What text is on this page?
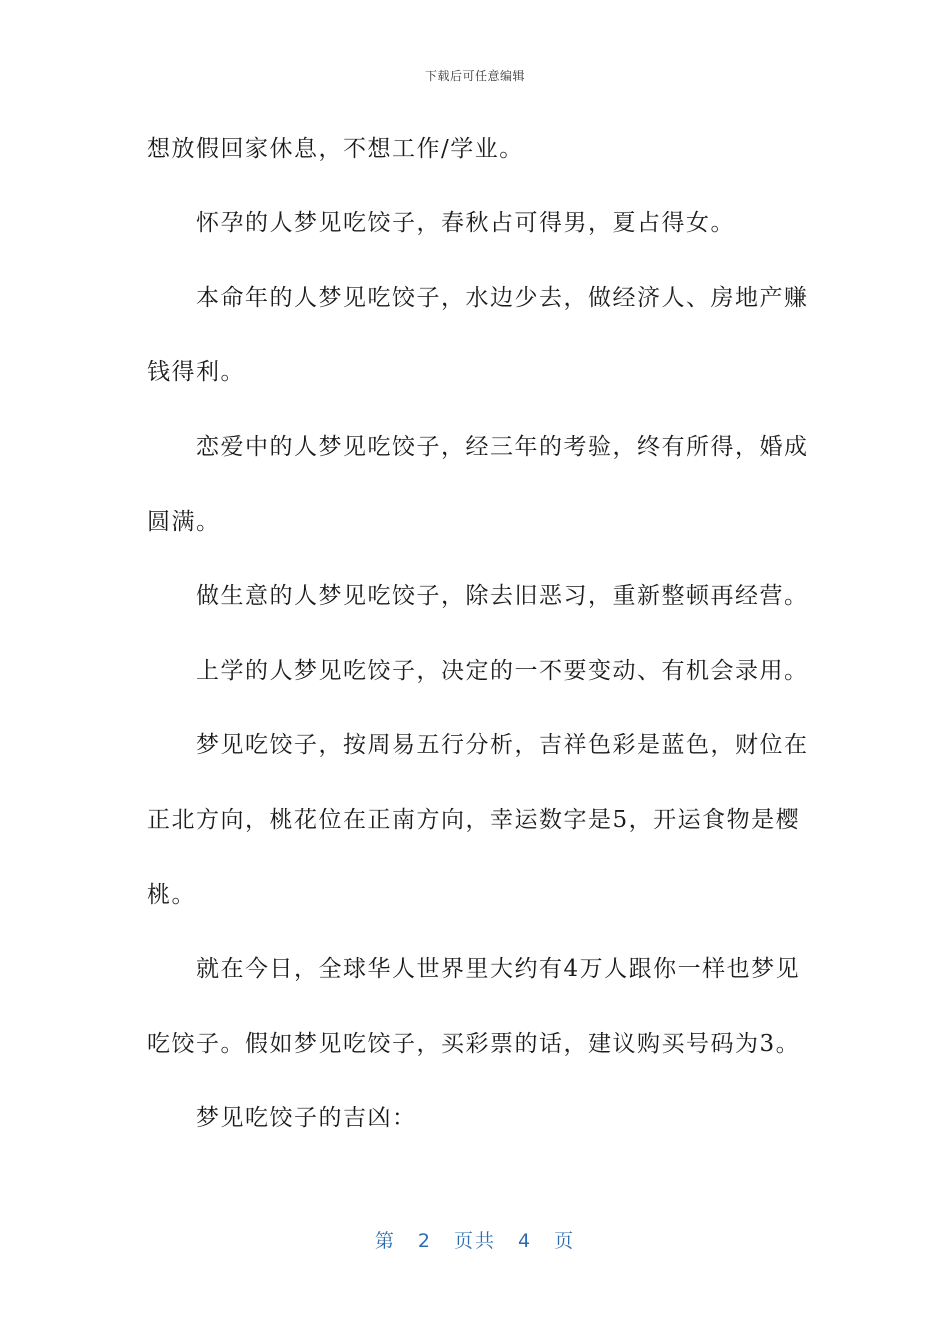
下载后可任意编辑

想放假回家休息，不想工作/学业。

　　怀孕的人梦见吃饺子，春秋占可得男，夏占得女。

　　本命年的人梦见吃饺子，水边少去，做经济人、房地产赚

钱得利。

　　恋爱中的人梦见吃饺子，经三年的考验，终有所得，婚成

圆满。

　　做生意的人梦见吃饺子，除去旧恶习，重新整顿再经营。

　　上学的人梦见吃饺子，决定的一不要变动、有机会录用。

　　梦见吃饺子，按周易五行分析，吉祥色彩是蓝色，财位在

正北方向，桃花位在正南方向，幸运数字是5，开运食物是樱

桃。

　　就在今日，全球华人世界里大约有4万人跟你一样也梦见

吃饺子。假如梦见吃饺子，买彩票的话，建议购买号码为3。

　　梦见吃饺子的吉凶：

第 2 页共 4 页
